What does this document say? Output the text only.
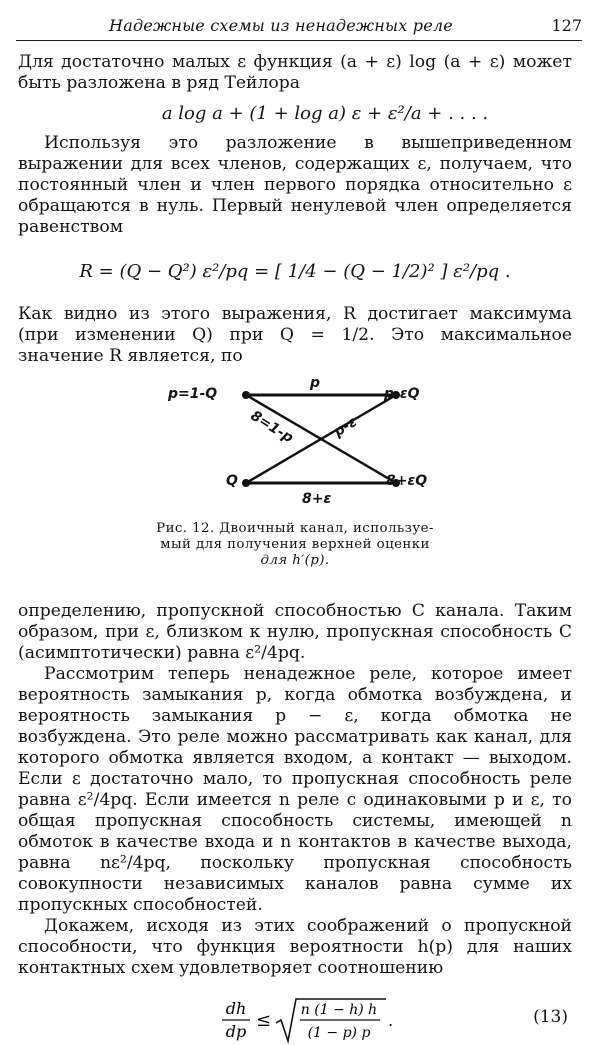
Надежные схемы из ненадежных реле	127

Для достаточно малых ε функция (a + ε) log (a + ε) может быть разложена в ряд Тейлора

a log a + (1 + log a) ε + ε²/a + . . . .

Используя это разложение в вышеприведенном выражении для всех членов, содержащих ε, получаем, что постоянный член и член первого порядка относительно ε обращаются в нуль. Первый ненулевой член определяется равенством

R = (Q − Q²) ε²/pq = [ 1/4 − (Q − 1/2)² ] ε²/pq .

Как видно из этого выражения, R достигает максимума (при изменении Q) при Q = 1/2. Это максимальное значение R является, по

p=1-Q	p-εQ
Q	8+εQ
p
8+ε
8=1-p	p-ε
Рис. 12. Двоичный канал, используе-
мый для получения верхней оценки
для h′(p).

определению, пропускной способностью C канала. Таким образом, при ε, близком к нулю, пропускная способность C (асимптотически) равна ε²/4pq.

Рассмотрим теперь ненадежное реле, которое имеет вероятность замыкания p, когда обмотка возбуждена, и вероятность замыкания p − ε, когда обмотка не возбуждена. Это реле можно рассматривать как канал, для которого обмотка является входом, а контакт — выходом. Если ε достаточно мало, то пропускная способность реле равна ε²/4pq. Если имеется n реле с одинаковыми p и ε, то общая пропускная способность системы, имеющей n обмоток в качестве входа и n контактов в качестве выхода, равна nε²/4pq, поскольку пропускная способность совокупности независимых каналов равна сумме их пропускных способностей.

Докажем, исходя из этих соображений о пропускной способности, что функция вероятности h(p) для наших контактных схем удовлетворяет соотношению

dh
dp
≤ n (1 − h) h
(1 − p) p
.	(13)
